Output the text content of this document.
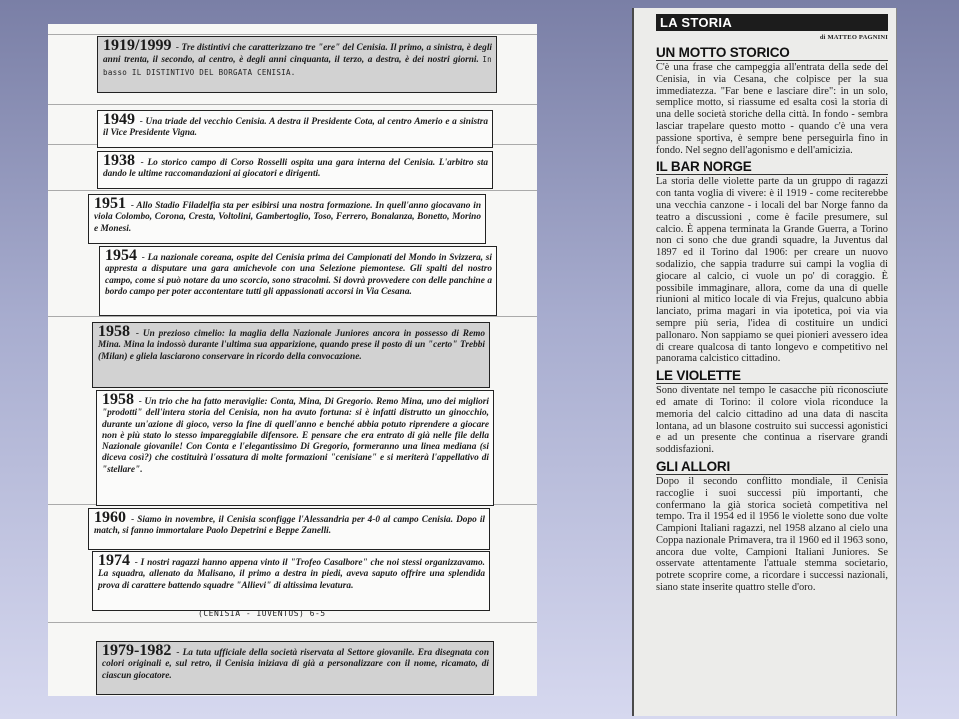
1919/1999 - Tre distintivi che caratterizzano tre "ere" del Cenisia. Il primo, a sinistra, è degli anni trenta, il secondo, al centro, è degli anni cinquanta, il terzo, a destra, è dei nostri giorni. In basso IL DISTINTIVO DEL BORGATA CENISIA.
1949 - Una triade del vecchio Cenisia. A destra il Presidente Cota, al centro Amerio e a sinistra il Vice Presidente Vigna.
1938 - Lo storico campo di Corso Rosselli ospita una gara interna del Cenisia. L'arbitro sta dando le ultime raccomandazioni ai giocatori e dirigenti.
1951 - Allo Stadio Filadelfia sta per esibirsi una nostra formazione. In quell'anno giocavano in viola Colombo, Corona, Cresta, Voltolini, Gambertoglio, Toso, Ferrero, Bonalanza, Bonetto, Morino e Monesi.
1954 - La nazionale coreana, ospite del Cenisia prima dei Campionati del Mondo in Svizzera, si appresta a disputare una gara amichevole con una Selezione piemontese. Gli spalti del nostro campo, come si può notare da uno scorcio, sono stracolmi. Si dovrà provvedere con delle panchine a bordo campo per poter accontentare tutti gli appassionati accorsi in Via Cesana.
1958 - Un prezioso cimelio: la maglia della Nazionale Juniores ancora in possesso di Remo Mina. Mina la indossò durante l'ultima sua apparizione, quando prese il posto di un "certo" Trebbi (Milan) e glielа lasciarono conservare in ricordo della convocazione.
1958 - Un trio che ha fatto meraviglie: Conta, Mina, Di Gregorio. Remo Mina, uno dei migliori "prodotti" dell'intera storia del Cenisia, non ha avuto fortuna: si è infatti distrutto un ginocchio, durante un'azione di gioco, verso la fine di quell'anno e benché abbia potuto riprendere a giocare non è più stato lo stesso impareggiabile difensore. E pensare che era entrato di già nelle file della Nazionale giovanile! Con Conta e l'elegantissimo Di Gregorio, formeranno una linea mediana (si diceva così?) che costituirà l'ossatura di molte formazioni "cenisiane" e si meriterà l'appellativo di "stellare".
1960 - Siamo in novembre, il Cenisia sconfigge l'Alessandria per 4-0 al campo Cenisia. Dopo il match, si fanno immortalare Paolo Depetrini e Beppe Zanelli.
1974 - I nostri ragazzi hanno appena vinto il "Trofeo Casalbore" che noi stessi organizzavamo. La squadra, allenato da Malisano, il primo a destra in piedi, aveva saputo offrire una splendida prova di carattere battendo squadre "Allievi" di altissima levatura.
(CENISIA - IUVENTUS) 6-5
1979-1982 - La tuta ufficiale della società riservata al Settore giovanile. Era disegnata con colori originali e, sul retro, il Cenisia iniziava di già a personalizzare con il nome, ricamato, di ciascun giocatore.
LA STORIA
di MATTEO PAGNINI
UN MOTTO STORICO
C'è una frase che campeggia all'entrata della sede del Cenisia, in via Cesana, che colpisce per la sua immediatezza. "Far bene e lasciare dire": in un solo, semplice motto, si riassume ed esalta così la storia di una delle società storiche della città. In fondo - sembra lasciar trapelare questo motto - quando c'è una vera passione sportiva, è sempre bene perseguirla fino in fondo. Nel segno dell'agonismo e dell'amicizia.
IL BAR NORGE
La storia delle violette parte da un gruppo di ragazzi con tanta voglia di vivere: è il 1919 - come reciterebbe una vecchia canzone - i locali del bar Norge fanno da teatro a discussioni , come è facile presumere, sul calcio. È appena terminata la Grande Guerra, a Torino non ci sono che due grandi squadre, la Juventus dal 1897 ed il Torino dal 1906: per creare un nuovo sodalizio, che sappia tradurre sui campi la voglia di giocare al calcio, ci vuole un po' di coraggio. È possibile immaginare, allora, come da una di quelle riunioni al mitico locale di via Frejus, qualcuno abbia lanciato, prima magari in via ipotetica, poi via via sempre più seria, l'idea di costituire un undici pallonaro. Non sappiamo se quei pionieri avessero idea di creare qualcosa di tanto longevo e competitivo nel panorama calcistico cittadino.
LE VIOLETTE
Sono diventate nel tempo le casacche più riconosciute ed amate di Torino: il colore viola riconduce la memoria del calcio cittadino ad una data di nascita lontana, ad un blasone costruito sui successi agonistici e ad un presente che continua a riservare grandi soddisfazioni.
GLI ALLORI
Dopo il secondo conflitto mondiale, il Cenisia raccoglie i suoi successi più importanti, che confermano la già storica società competitiva nel tempo. Tra il 1954 ed il 1956 le violette sono due volte Campioni Italiani ragazzi, nel 1958 alzano al cielo una Coppa nazionale Primavera, tra il 1960 ed il 1963 sono, ancora due volte, Campioni Italiani Juniores. Se osservate attentamente l'attuale stemma societario, potrete scoprire come, a ricordare i successi nazionali, siano state inserite quattro stelle d'oro.
